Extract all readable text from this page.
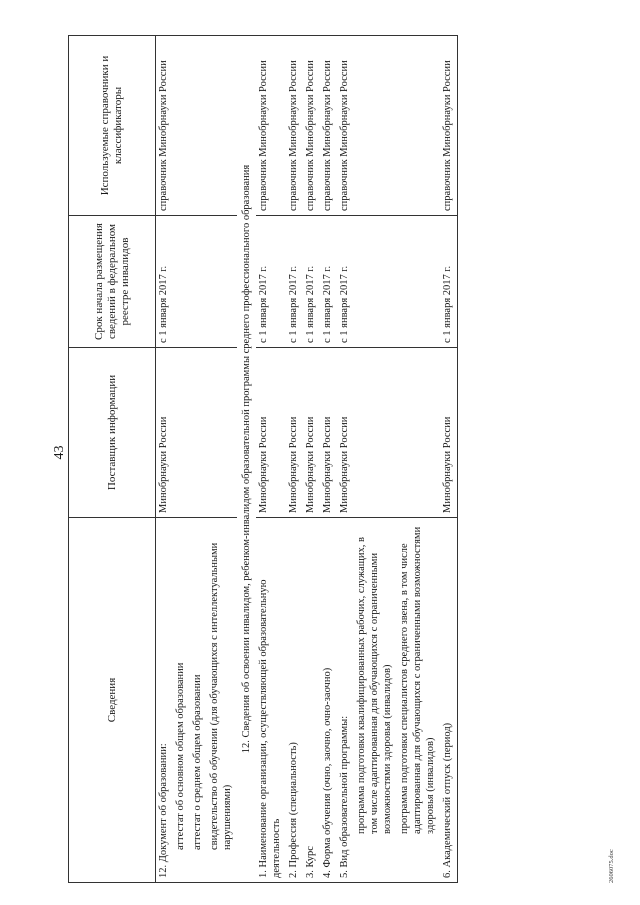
43
Сведения	Поставщик информации	Срок начала размещения сведений в федеральном реестре инвалидов	Используемые справочники и классификаторы
12. Документ об образовании:	Минобрнауки России	с 1 января 2017 г.	справочник Минобрнауки России
аттестат об основном общем образовании			
аттестат о среднем общем образовании			
свидетельство об обучении (для обучающихся с интеллектуальными нарушениями)			
12. Сведения об освоении инвалидом, ребенком-инвалидом образовательной программы среднего профессионального образования			
1. Наименование организации, осуществляющей образовательную деятельность	Минобрнауки России	с 1 января 2017 г.	справочник Минобрнауки России
2. Профессия (специальность)	Минобрнауки России	с 1 января 2017 г.	справочник Минобрнауки России
3. Курс	Минобрнауки России	с 1 января 2017 г.	справочник Минобрнауки России
4. Форма обучения (очно, заочно, очно-заочно)	Минобрнауки России	с 1 января 2017 г.	справочник Минобрнауки России
5. Вид образовательной программы:	Минобрнауки России	с 1 января 2017 г.	справочник Минобрнауки России
программа подготовки квалифицированных рабочих, служащих, в том числе адаптированная для обучающихся с ограниченными возможностями здоровья (инвалидов)			
программа подготовки специалистов среднего звена, в том числе адаптированная для обучающихся с ограниченными возможностями здоровья (инвалидов)			
6. Академический отпуск (период)	Минобрнауки России	с 1 января 2017 г.	справочник Минобрнауки России
2606075.doc
